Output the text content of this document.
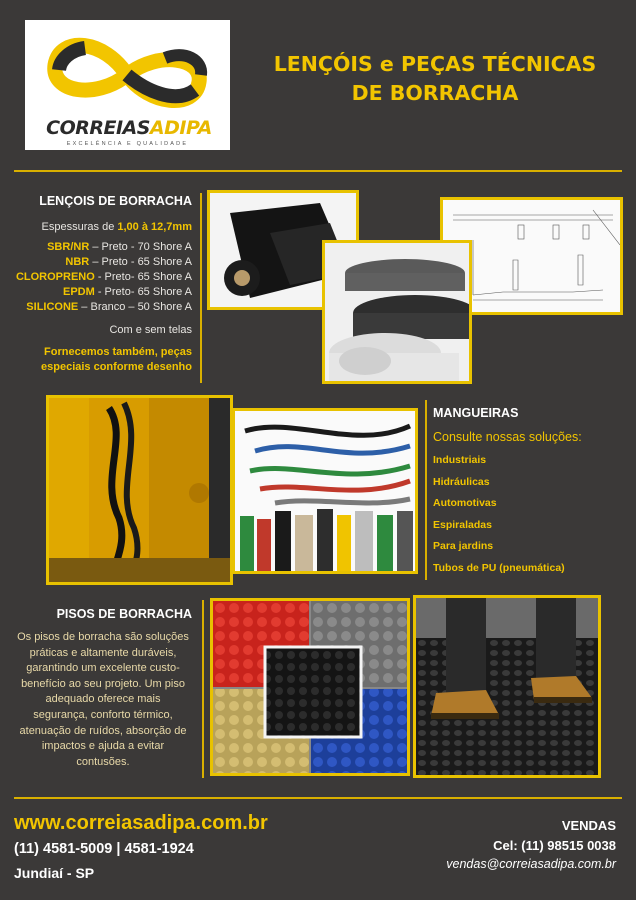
CORREIASADIPA
EXCELÊNCIA E QUALIDADE
LENÇÓIS e PEÇAS TÉCNICAS
DE BORRACHA
LENÇOIS DE BORRACHA
Espessuras de 1,00 à 12,7mm
SBR/NR – Preto - 70 Shore A
NBR – Preto - 65 Shore A
CLOROPRENO - Preto- 65 Shore A
EPDM - Preto- 65 Shore A
SILICONE – Branco – 50 Shore A
Com e sem telas
Fornecemos também, peças
especiais conforme desenho
MANGUEIRAS
Consulte nossas soluções:
Industriais
Hidráulicas
Automotivas
Espiraladas
Para jardins
Tubos de PU (pneumática)
PISOS DE BORRACHA
Os pisos de borracha são soluções
práticas e altamente duráveis,
garantindo um excelente custo-
benefício ao seu projeto. Um piso
adequado oferece mais
segurança, conforto térmico,
atenuação de ruídos, absorção de
impactos e ajuda a evitar
contusões.
www.correiasadipa.com.br
(11) 4581-5009 | 4581-1924
Jundiaí - SP
VENDAS
Cel: (11) 98515 0038
vendas@correiasadipa.com.br
